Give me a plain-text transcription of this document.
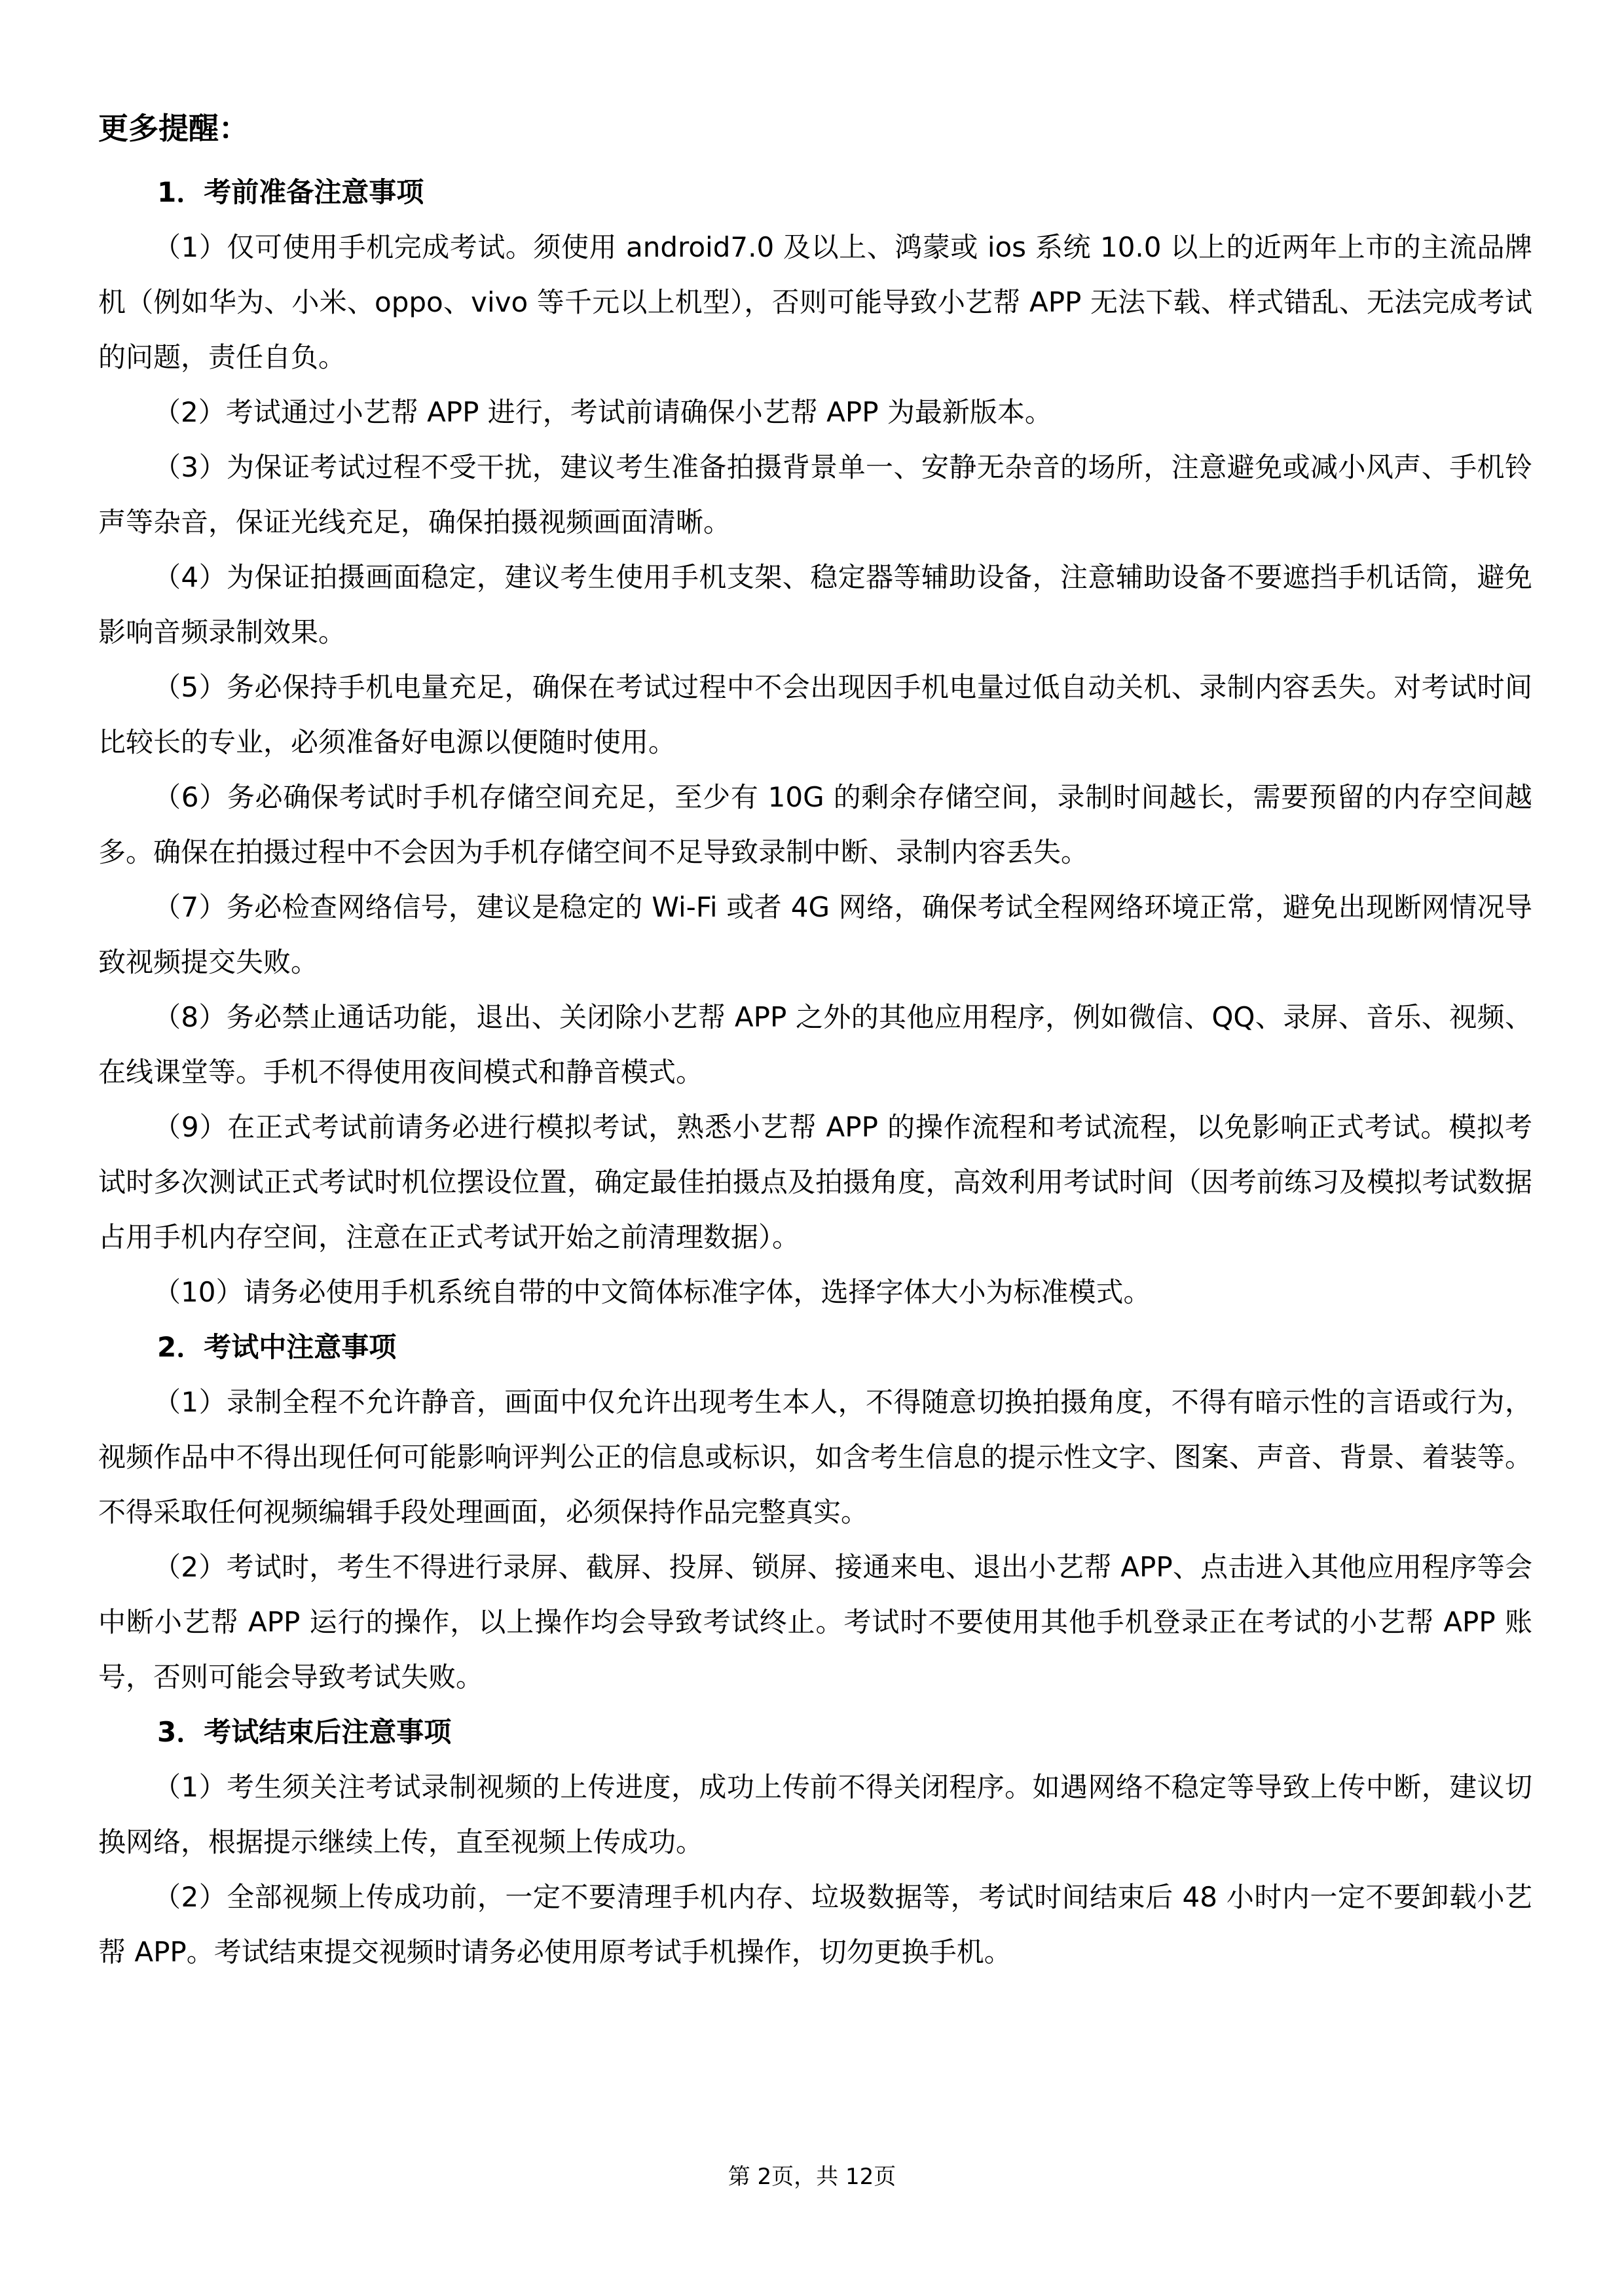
更多提醒：
1．考前准备注意事项

（1）仅可使用手机完成考试。须使用 android7.0 及以上、鸿蒙或 ios 系统 10.0 以上的近两年上市的主流品牌机（例如华为、小米、oppo、vivo 等千元以上机型），否则可能导致小艺帮 APP 无法下载、样式错乱、无法完成考试的问题，责任自负。

（2）考试通过小艺帮 APP 进行，考试前请确保小艺帮 APP 为最新版本。

（3）为保证考试过程不受干扰，建议考生准备拍摄背景单一、安静无杂音的场所，注意避免或减小风声、手机铃声等杂音，保证光线充足，确保拍摄视频画面清晰。

（4）为保证拍摄画面稳定，建议考生使用手机支架、稳定器等辅助设备，注意辅助设备不要遮挡手机话筒，避免影响音频录制效果。

（5）务必保持手机电量充足，确保在考试过程中不会出现因手机电量过低自动关机、录制内容丢失。对考试时间比较长的专业，必须准备好电源以便随时使用。

（6）务必确保考试时手机存储空间充足，至少有 10G 的剩余存储空间，录制时间越长，需要预留的内存空间越多。确保在拍摄过程中不会因为手机存储空间不足导致录制中断、录制内容丢失。

（7）务必检查网络信号，建议是稳定的 Wi-Fi 或者 4G 网络，确保考试全程网络环境正常，避免出现断网情况导致视频提交失败。

（8）务必禁止通话功能，退出、关闭除小艺帮 APP 之外的其他应用程序，例如微信、QQ、录屏、音乐、视频、在线课堂等。手机不得使用夜间模式和静音模式。

（9）在正式考试前请务必进行模拟考试，熟悉小艺帮 APP 的操作流程和考试流程，以免影响正式考试。模拟考试时多次测试正式考试时机位摆设位置，确定最佳拍摄点及拍摄角度，高效利用考试时间（因考前练习及模拟考试数据占用手机内存空间，注意在正式考试开始之前清理数据）。

（10）请务必使用手机系统自带的中文简体标准字体，选择字体大小为标准模式。

2．考试中注意事项

（1）录制全程不允许静音，画面中仅允许出现考生本人，不得随意切换拍摄角度，不得有暗示性的言语或行为，视频作品中不得出现任何可能影响评判公正的信息或标识，如含考生信息的提示性文字、图案、声音、背景、着装等。不得采取任何视频编辑手段处理画面，必须保持作品完整真实。

（2）考试时，考生不得进行录屏、截屏、投屏、锁屏、接通来电、退出小艺帮 APP、点击进入其他应用程序等会中断小艺帮 APP 运行的操作，以上操作均会导致考试终止。考试时不要使用其他手机登录正在考试的小艺帮 APP 账号，否则可能会导致考试失败。

3．考试结束后注意事项

（1）考生须关注考试录制视频的上传进度，成功上传前不得关闭程序。如遇网络不稳定等导致上传中断，建议切换网络，根据提示继续上传，直至视频上传成功。

（2）全部视频上传成功前，一定不要清理手机内存、垃圾数据等，考试时间结束后 48 小时内一定不要卸载小艺帮 APP。考试结束提交视频时请务必使用原考试手机操作，切勿更换手机。

第 2页，共 12页
